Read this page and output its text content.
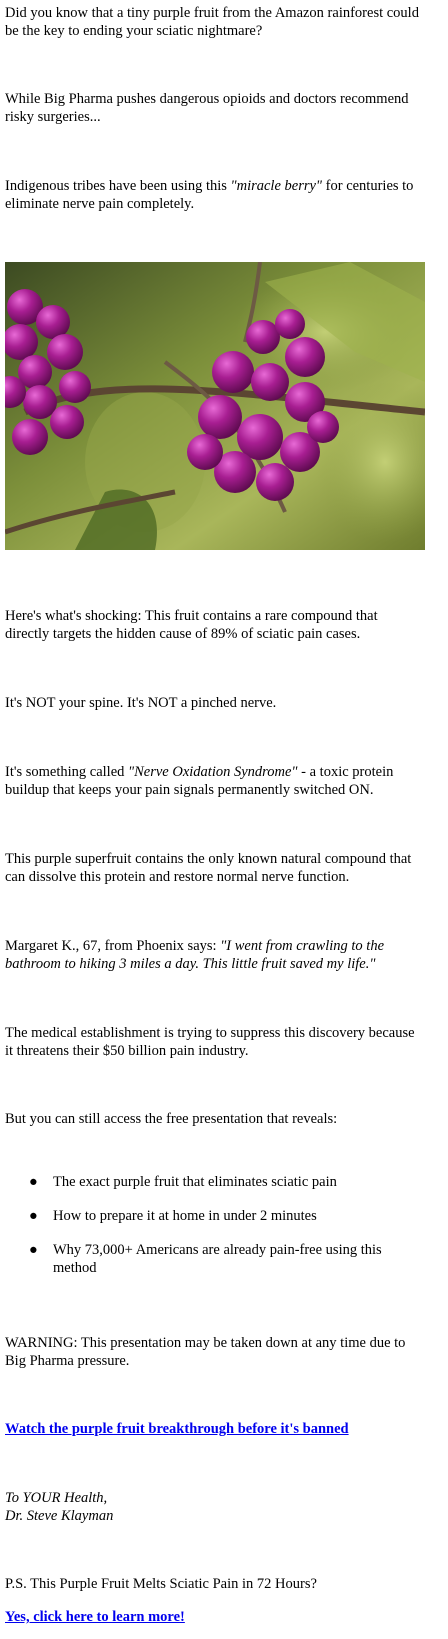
Did you know that a tiny purple fruit from the Amazon rainforest could be the key to ending your sciatic nightmare?

While Big Pharma pushes dangerous opioids and doctors recommend risky surgeries...

Indigenous tribes have been using this "miracle berry" for centuries to eliminate nerve pain completely.

Here's what's shocking: This fruit contains a rare compound that directly targets the hidden cause of 89% of sciatic pain cases.

It's NOT your spine. It's NOT a pinched nerve.

It's something called "Nerve Oxidation Syndrome" - a toxic protein buildup that keeps your pain signals permanently switched ON.

This purple superfruit contains the only known natural compound that can dissolve this protein and restore normal nerve function.

Margaret K., 67, from Phoenix says: "I went from crawling to the bathroom to hiking 3 miles a day. This little fruit saved my life."

The medical establishment is trying to suppress this discovery because it threatens their $50 billion pain industry.

But you can still access the free presentation that reveals:

● The exact purple fruit that eliminates sciatic pain
● How to prepare it at home in under 2 minutes
● Why 73,000+ Americans are already pain-free using this method

WARNING: This presentation may be taken down at any time due to Big Pharma pressure.

Watch the purple fruit breakthrough before it's banned

To YOUR Health,
Dr. Steve Klayman

P.S. This Purple Fruit Melts Sciatic Pain in 72 Hours?

Yes, click here to learn more!
